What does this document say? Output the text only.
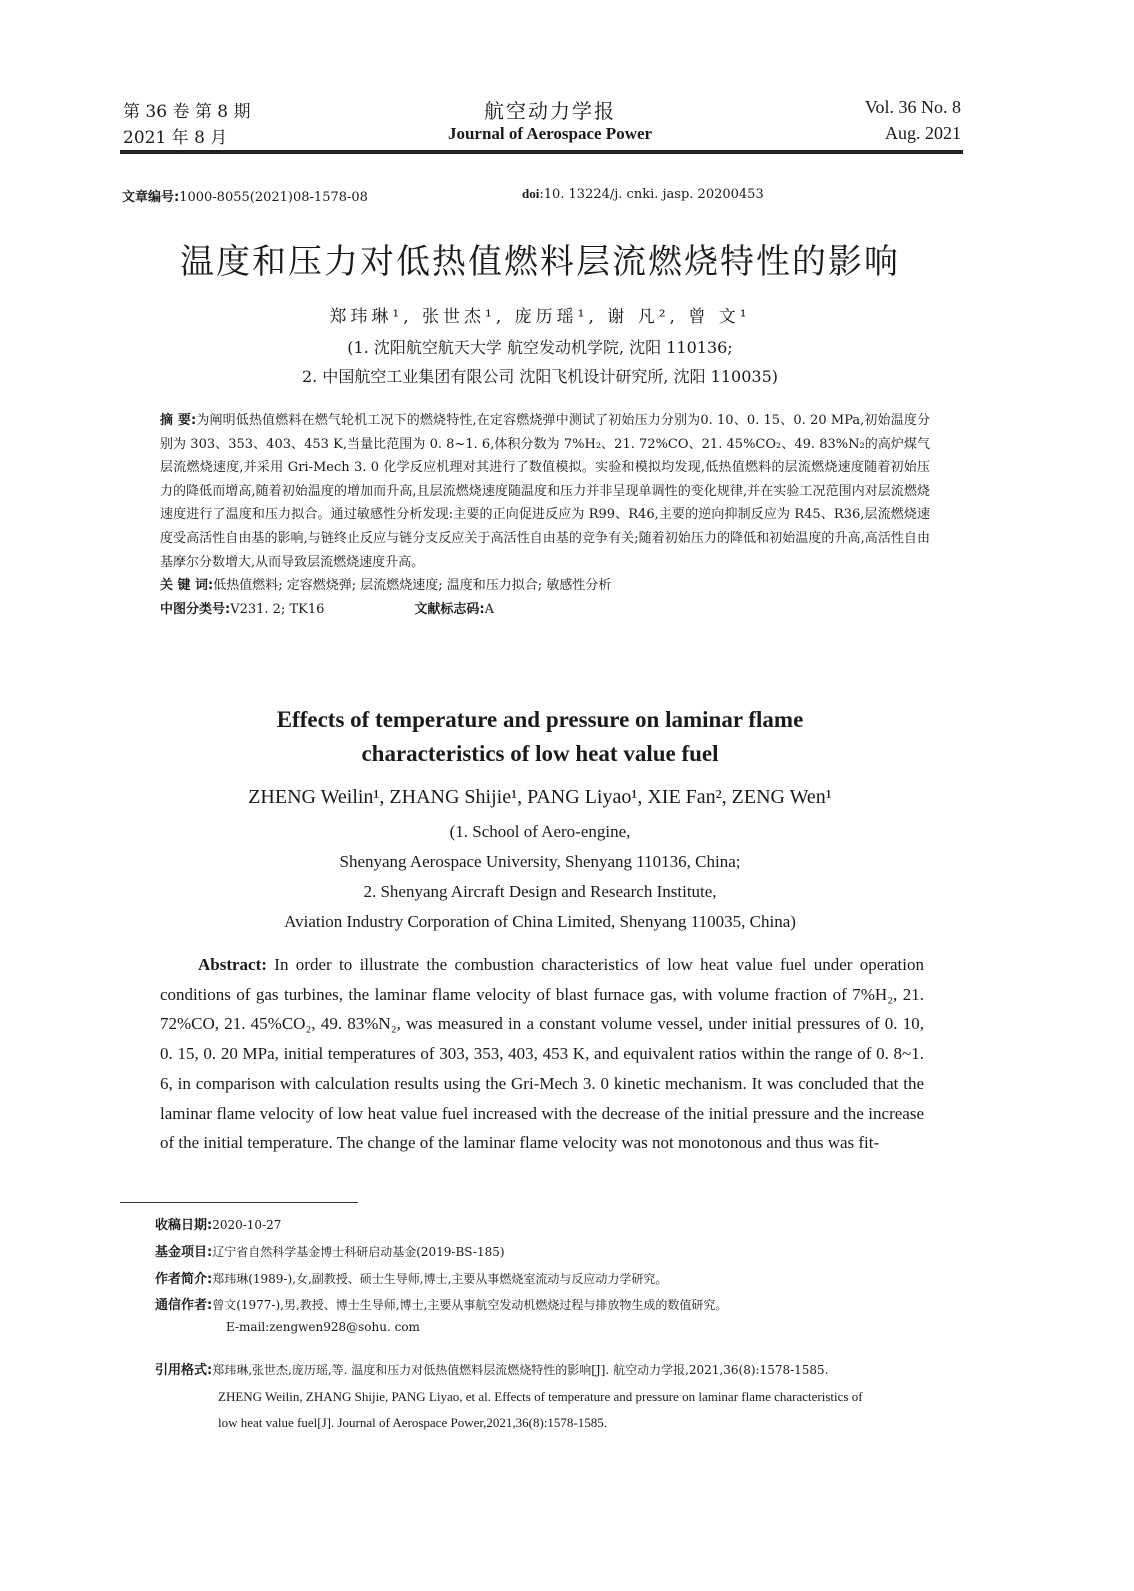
第 36 卷 第 8 期
2021 年 8 月
航空动力学报
Journal of Aerospace Power
Vol. 36 No. 8
Aug. 2021
文章编号:1000-8055(2021)08-1578-08	doi:10. 13224/j. cnki. jasp. 20200453
温度和压力对低热值燃料层流燃烧特性的影响
郑玮琳¹, 张世杰¹, 庞历瑶¹, 谢 凡², 曾 文¹
(1. 沈阳航空航天大学 航空发动机学院, 沈阳 110136;
2. 中国航空工业集团有限公司 沈阳飞机设计研究所, 沈阳 110035)

摘 要:为阐明低热值燃料在燃气轮机工况下的燃烧特性,在定容燃烧弹中测试了初始压力分别为0. 10、0. 15、0. 20 MPa,初始温度分别为 303、353、403、453 K,当量比范围为 0. 8~1. 6,体积分数为 7%H₂、21. 72%CO、21. 45%CO₂、49. 83%N₂的高炉煤气层流燃烧速度,并采用 Gri-Mech 3. 0 化学反应机理对其进行了数值模拟。实验和模拟均发现,低热值燃料的层流燃烧速度随着初始压力的降低而增高,随着初始温度的增加而升高,且层流燃烧速度随温度和压力并非呈现单调性的变化规律,并在实验工况范围内对层流燃烧速度进行了温度和压力拟合。通过敏感性分析发现:主要的正向促进反应为 R99、R46,主要的逆向抑制反应为 R45、R36,层流燃烧速度受高活性自由基的影响,与链终止反应与链分支反应关于高活性自由基的竞争有关;随着初始压力的降低和初始温度的升高,高活性自由基摩尔分数增大,从而导致层流燃烧速度升高。

关 键 词:低热值燃料; 定容燃烧弹; 层流燃烧速度; 温度和压力拟合; 敏感性分析

中图分类号:V231. 2; TK16	文献标志码:A

Effects of temperature and pressure on laminar flame
characteristics of low heat value fuel
ZHENG Weilin¹, ZHANG Shijie¹, PANG Liyao¹, XIE Fan², ZENG Wen¹
(1. School of Aero-engine,
Shenyang Aerospace University, Shenyang 110136, China;
2. Shenyang Aircraft Design and Research Institute,
Aviation Industry Corporation of China Limited, Shenyang 110035, China)

Abstract: In order to illustrate the combustion characteristics of low heat value fuel under operation conditions of gas turbines, the laminar flame velocity of blast furnace gas, with volume fraction of 7%H₂, 21. 72%CO, 21. 45%CO₂, 49. 83%N₂, was measured in a constant volume vessel, under initial pressures of 0. 10, 0. 15, 0. 20 MPa, initial temperatures of 303, 353, 403, 453 K, and equivalent ratios within the range of 0. 8~1. 6, in comparison with calculation results using the Gri-Mech 3. 0 kinetic mechanism. It was concluded that the laminar flame velocity of low heat value fuel increased with the decrease of the initial pressure and the increase of the initial temperature. The change of the laminar flame velocity was not monotonous and thus was fit-

收稿日期:2020-10-27
基金项目:辽宁省自然科学基金博士科研启动基金(2019-BS-185)
作者简介:郑玮琳(1989-),女,副教授、硕士生导师,博士,主要从事燃烧室流动与反应动力学研究。
通信作者:曾文(1977-),男,教授、博士生导师,博士,主要从事航空发动机燃烧过程与排放物生成的数值研究。
E-mail:zengwen928@sohu. com
引用格式:郑玮琳,张世杰,庞历瑶,等. 温度和压力对低热值燃料层流燃烧特性的影响[J]. 航空动力学报,2021,36(8):1578-1585.
ZHENG Weilin, ZHANG Shijie, PANG Liyao, et al. Effects of temperature and pressure on laminar flame characteristics of
low heat value fuel[J]. Journal of Aerospace Power,2021,36(8):1578-1585.
